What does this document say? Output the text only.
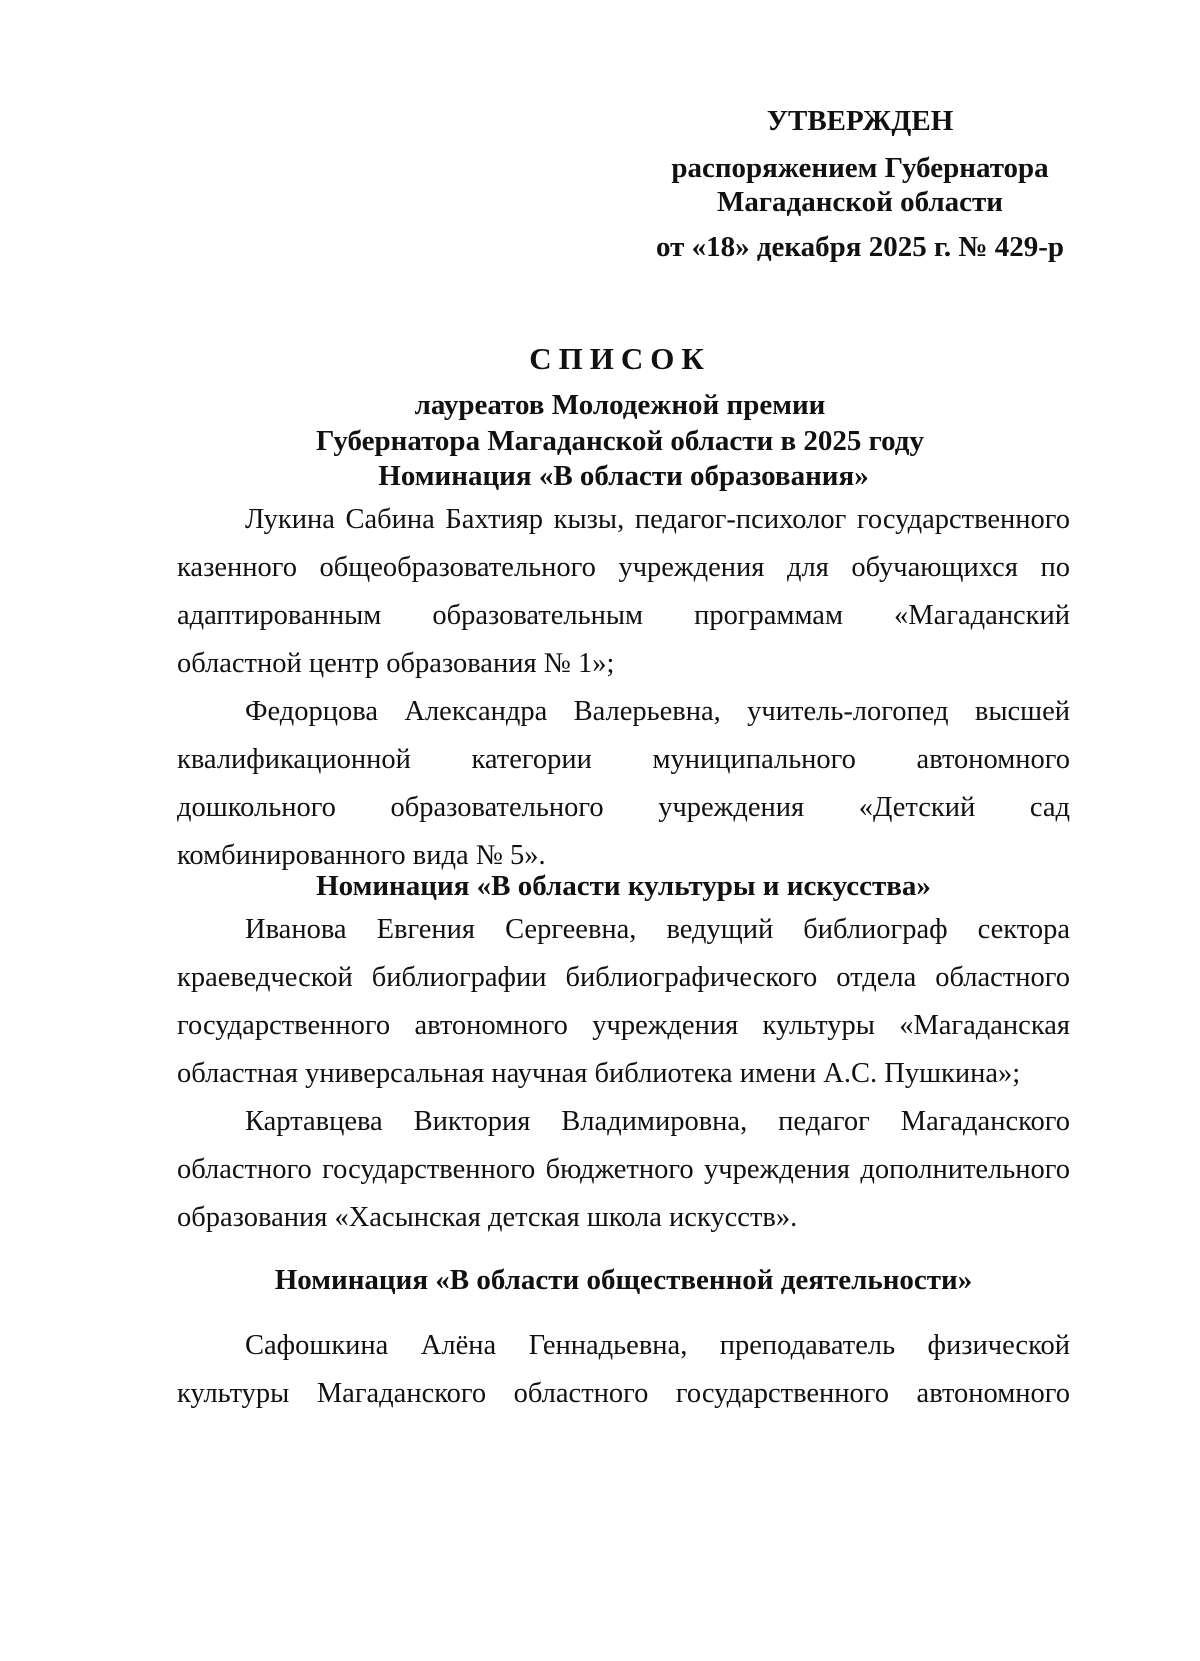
УТВЕРЖДЕН
распоряжением Губернатора
Магаданской области
от «18» декабря 2025 г. № 429-р
СПИСОК
лауреатов Молодежной премии
Губернатора Магаданской области в 2025 году
Номинация «В области образования»

Лукина Сабина Бахтияр кызы, педагог-психолог государственного казенного общеобразовательного учреждения для обучающихся по адаптированным образовательным программам «Магаданский областной центр образования № 1»;

Федорцова Александра Валерьевна, учитель-логопед высшей квалификационной категории муниципального автономного дошкольного образовательного учреждения «Детский сад комбинированного вида № 5».

Номинация «В области культуры и искусства»

Иванова Евгения Сергеевна, ведущий библиограф сектора краеведческой библиографии библиографического отдела областного государственного автономного учреждения культуры «Магаданская областная универсальная научная библиотека имени А.С. Пушкина»;

Картавцева Виктория Владимировна, педагог Магаданского областного государственного бюджетного учреждения дополнительного образования «Хасынская детская школа искусств».

Номинация «В области общественной деятельности»

Сафошкина Алёна Геннадьевна, преподаватель физической культуры Магаданского областного государственного автономного
